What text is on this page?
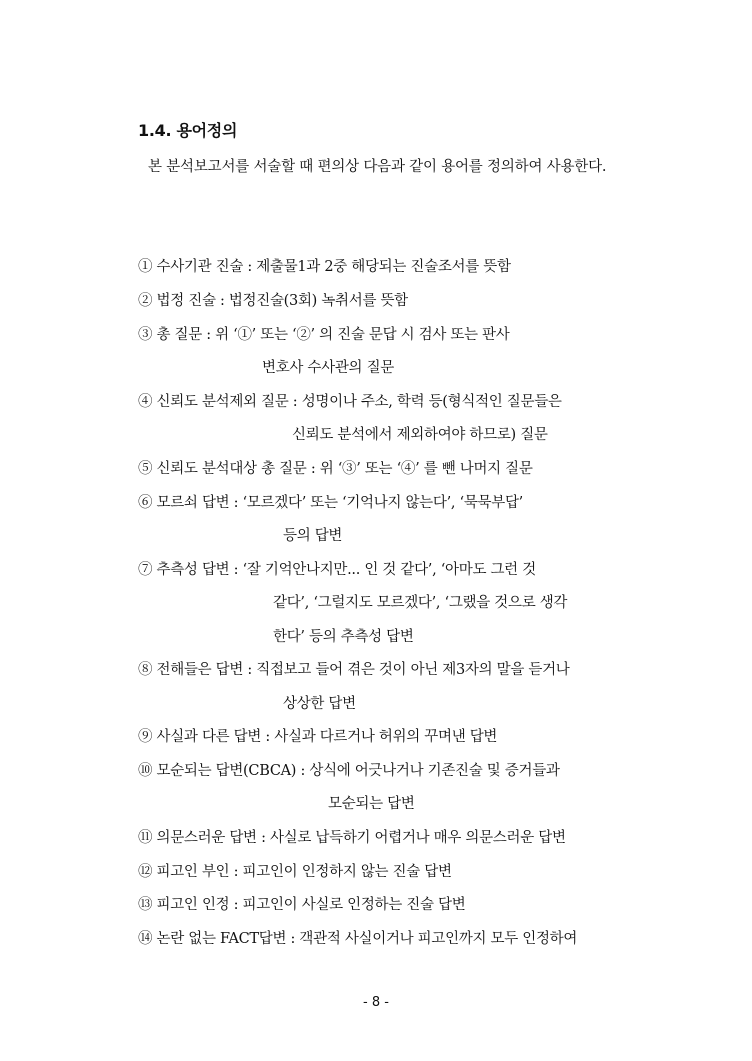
1.4. 용어정의
본 분석보고서를 서술할 때 편의상 다음과 같이 용어를 정의하여 사용한다.
① 수사기관 진술 : 제출물1과 2중 해당되는 진술조서를 뜻함
② 법정 진술 : 법정진술(3회) 녹취서를 뜻함
③ 총 질문 : 위 ‘①’ 또는 ‘②’ 의 진술 문답 시 검사 또는 판사
변호사 수사관의 질문
④ 신뢰도 분석제외 질문 : 성명이나 주소, 학력 등(형식적인 질문들은
신뢰도 분석에서 제외하여야 하므로) 질문
⑤ 신뢰도 분석대상 총 질문 : 위 ‘③’ 또는 ‘④’ 를 뺀 나머지 질문
⑥ 모르쇠 답변 : ‘모르겠다’ 또는 ‘기억나지 않는다’, ‘묵묵부답’
등의 답변
⑦ 추측성 답변 : ‘잘 기억안나지만... 인 것 같다’, ‘아마도 그런 것
같다’, ‘그럴지도 모르겠다’, ‘그랬을 것으로 생각
한다’ 등의 추측성 답변
⑧ 전해들은 답변 : 직접보고 들어 겪은 것이 아닌 제3자의 말을 듣거나
상상한 답변
⑨ 사실과 다른 답변 : 사실과 다르거나 허위의 꾸며낸 답변
⑩ 모순되는 답변(CBCA) : 상식에 어긋나거나 기존진술 및 증거들과
모순되는 답변
⑪ 의문스러운 답변 : 사실로 납득하기 어렵거나 매우 의문스러운 답변
⑫ 피고인 부인 : 피고인이 인정하지 않는 진술 답변
⑬ 피고인 인정 : 피고인이 사실로 인정하는 진술 답변
⑭ 논란 없는 FACT답변 : 객관적 사실이거나 피고인까지 모두 인정하여
- 8 -
